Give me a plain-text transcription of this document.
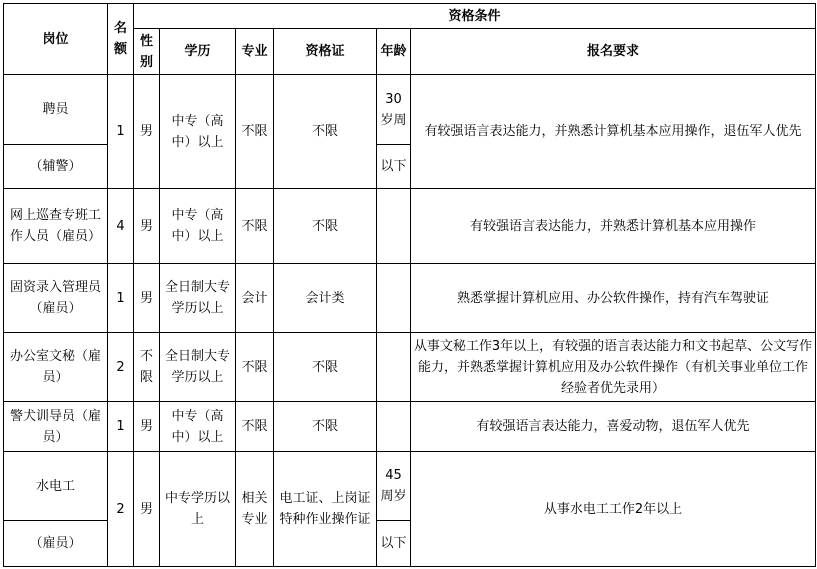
岗位	名额	资格条件					
		性别	学历	专业	资格证	年龄	报名要求
聘员	1	男	中专（高中）以上	不限	不限	30岁周	有较强语言表达能力，并熟悉计算机基本应用操作，退伍军人优先
（辅警）						以下	
网上巡查专班工作人员（雇员）	4	男	中专（高中）以上	不限	不限		有较强语言表达能力，并熟悉计算机基本应用操作
固资录入管理员（雇员）	1	男	全日制大专学历以上	会计	会计类		熟悉掌握计算机应用、办公软件操作，持有汽车驾驶证
办公室文秘（雇员）	2	不限	全日制大专学历以上	不限	不限		从事文秘工作3年以上，有较强的语言表达能力和文书起草、公文写作能力，并熟悉掌握计算机应用及办公软件操作（有机关事业单位工作经验者优先录用）
警犬训导员（雇员）	1	男	中专（高中）以上	不限	不限		有较强语言表达能力，喜爱动物，退伍军人优先
水电工	2	男	中专学历以上	相关专业	电工证、上岗证特种作业操作证	45周岁	从事水电工工作2年以上
（雇员）						以下	
